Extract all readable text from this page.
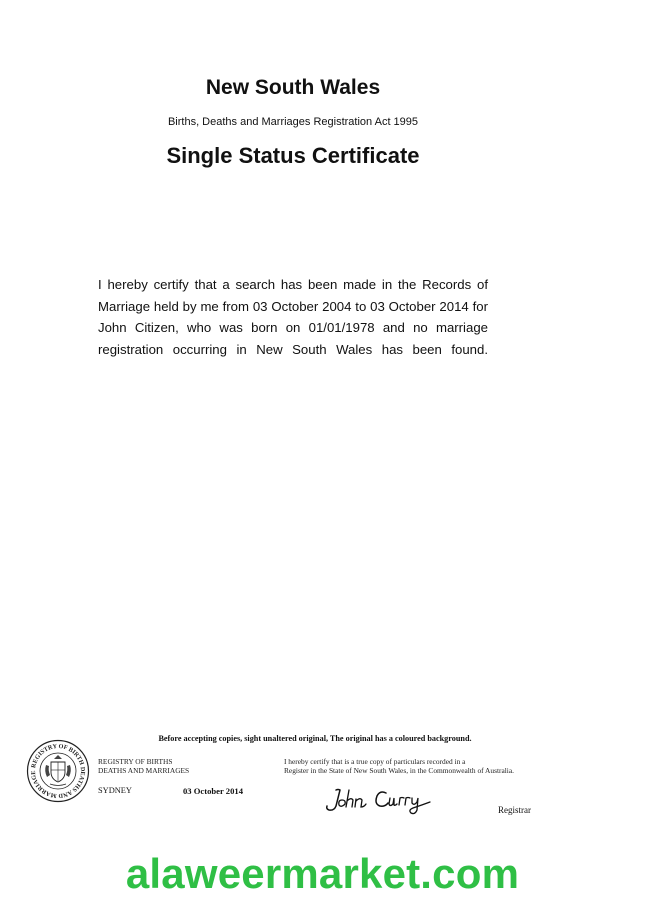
New South Wales
Births, Deaths and Marriages Registration Act 1995
Single Status Certificate
I hereby certify that a search has been made in the Records of
Marriage held by me from 03 October 2004 to 03 October 2014 for
John Citizen, who was born on 01/01/1978 and no marriage
registration occurring in New South Wales has been found.
Before accepting copies, sight unaltered original, The original has a coloured background.
REGISTRY OF BIRTH DEATHS AND MARRIAGE
REGISTRY OF BIRTHS
DEATHS AND MARRIAGES
I hereby certify that is a true copy of particulars recorded in a
Register in the State of New South Wales, in the Commonwealth of Australia.
SYDNEY	03 October 2014
Registrar
alaweermarket.com
